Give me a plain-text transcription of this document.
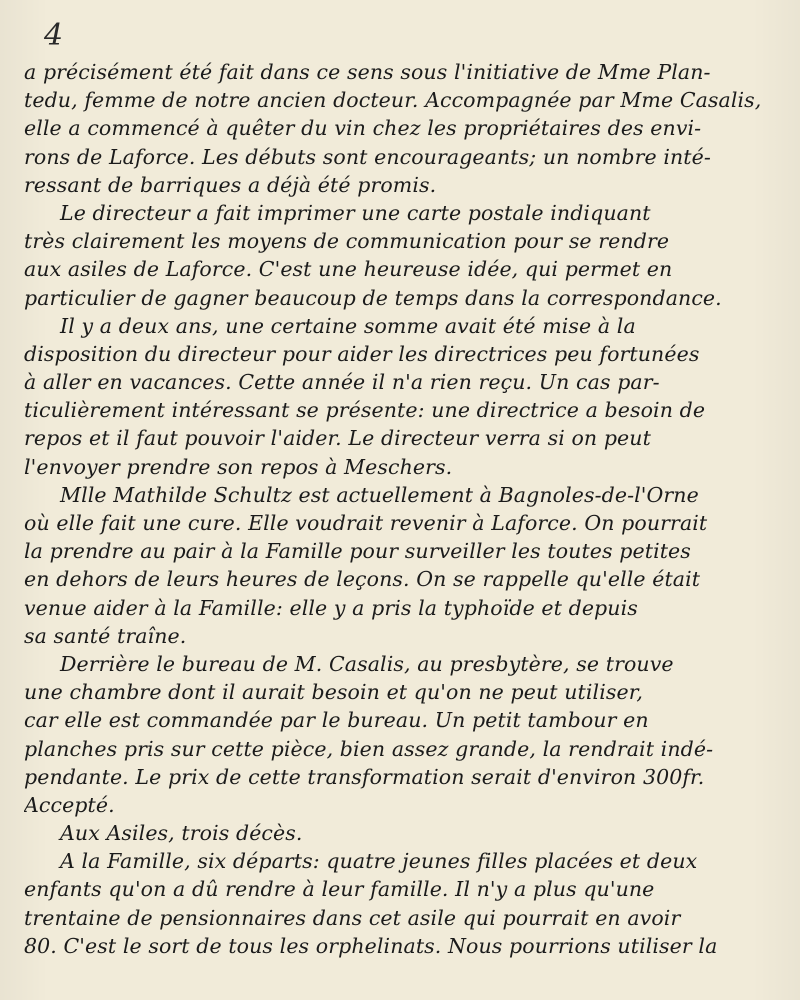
4
a précisément été fait dans ce sens sous l'initiative de Mme Plan-
tedu, femme de notre ancien docteur. Accompagnée par Mme Casalis,
elle a commencé à quêter du vin chez les propriétaires des envi-
rons de Laforce. Les débuts sont encourageants; un nombre inté-
ressant de barriques a déjà été promis.
Le directeur a fait imprimer une carte postale indiquant
très clairement les moyens de communication pour se rendre
aux asiles de Laforce. C'est une heureuse idée, qui permet en
particulier de gagner beaucoup de temps dans la correspondance.
Il y a deux ans, une certaine somme avait été mise à la
disposition du directeur pour aider les directrices peu fortunées
à aller en vacances. Cette année il n'a rien reçu. Un cas par-
ticulièrement intéressant se présente: une directrice a besoin de
repos et il faut pouvoir l'aider. Le directeur verra si on peut
l'envoyer prendre son repos à Meschers.
Mlle Mathilde Schultz est actuellement à Bagnoles-de-l'Orne
où elle fait une cure. Elle voudrait revenir à Laforce. On pourrait
la prendre au pair à la Famille pour surveiller les toutes petites
en dehors de leurs heures de leçons. On se rappelle qu'elle était
venue aider à la Famille: elle y a pris la typhoïde et depuis
sa santé traîne.
Derrière le bureau de M. Casalis, au presbytère, se trouve
une chambre dont il aurait besoin et qu'on ne peut utiliser,
car elle est commandée par le bureau. Un petit tambour en
planches pris sur cette pièce, bien assez grande, la rendrait indé-
pendante. Le prix de cette transformation serait d'environ 300fr.
Accepté.
Aux Asiles, trois décès.
A la Famille, six départs: quatre jeunes filles placées et deux
enfants qu'on a dû rendre à leur famille. Il n'y a plus qu'une
trentaine de pensionnaires dans cet asile qui pourrait en avoir
80. C'est le sort de tous les orphelinats. Nous pourrions utiliser la
